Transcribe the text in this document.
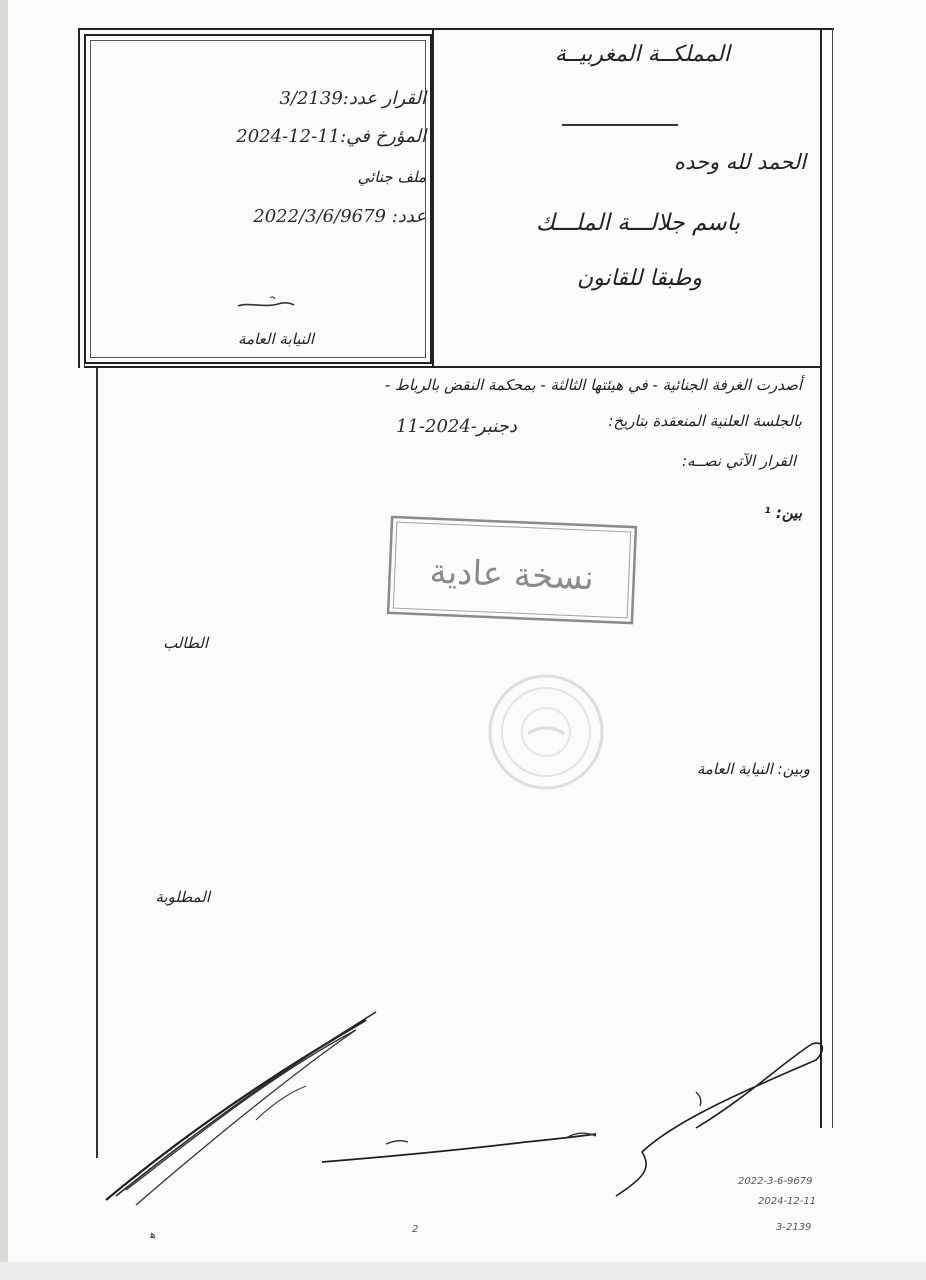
المملكــة المغربيــة
الحمد لله وحده
باسم جلالـــة الملـــك
وطبقا للقانون
القرار عدد:3/2139
المؤرخ في:11-12-2024
ملف جنائي
عدد: 2022/3/6/9679
النيابة العامة
أصدرت الغرفة الجنائية - في هيئتها الثالثة - بمحكمة النقض بالرباط -
بالجلسة العلنية المنعقدة بتاريخ:
11-دجنبر-2024
القرار الآتي نصــه:
بين: ¹
الطالب
وبين: النيابة العامة
المطلوبة
نسخة عادية
2022-3-6-9679
2024-12-11
3-2139
2
ﻫ
